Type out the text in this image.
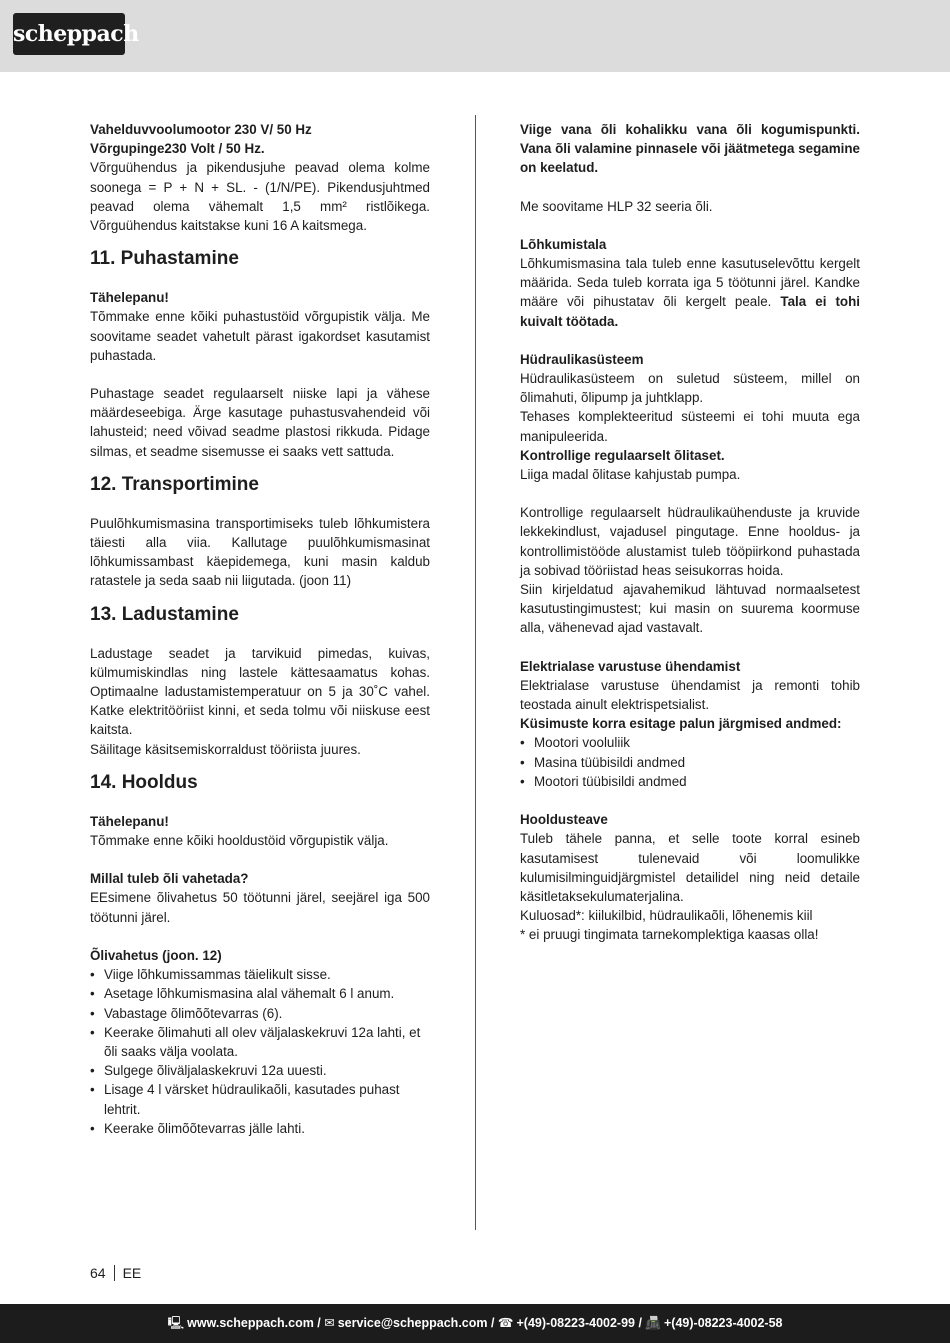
scheppach

Vahelduvvoolumootor 230 V/ 50 Hz

Võrgupinge230 Volt / 50 Hz.

Võrguühendus ja pikendusjuhe peavad olema kolme soonega = P + N + SL. - (1/N/PE). Pikendusjuhtmed peavad olema vähemalt 1,5 mm² ristlõikega. Võrguühendus kaitstakse kuni 16 A kaitsmega.

11. Puhastamine

Tähelepanu!

Tõmmake enne kõiki puhastustöid võrgupistik välja. Me soovitame seadet vahetult pärast igakordset kasutamist puhastada.

Puhastage seadet regulaarselt niiske lapi ja vähese määrdeseebiga. Ärge kasutage puhastusvahendeid või lahusteid; need võivad seadme plastosi rikkuda. Pidage silmas, et seadme sisemusse ei saaks vett sattuda.

12. Transportimine

Puulõhkumismasina transportimiseks tuleb lõhkumistera täiesti alla viia. Kallutage puulõhkumismasinat lõhkumissambast käepidemega, kuni masin kaldub ratastele ja seda saab nii liigutada. (joon 11)

13. Ladustamine

Ladustage seadet ja tarvikuid pimedas, kuivas, külmumiskindlas ning lastele kättesaamatus kohas. Optimaalne ladustamistemperatuur on 5 ja 30˚C vahel. Katke elektritööriist kinni, et seda tolmu või niiskuse eest kaitsta.

Säilitage käsitsemiskorraldust tööriista juures.

14. Hooldus

Tähelepanu!

Tõmmake enne kõiki hooldustöid võrgupistik välja.

Millal tuleb õli vahetada?

EEsimene õlivahetus 50 töötunni järel, seejärel iga 500 töötunni järel.

Õlivahetus (joon. 12)

• Viige lõhkumissammas täielikult sisse.
• Asetage lõhkumismasina alal vähemalt 6 l anum.
• Vabastage õlimõõtevarras (6).
• Keerake õlimahuti all olev väljalaskekruvi 12a lahti, et õli saaks välja voolata.
• Sulgege õliväljalaskekruvi 12a uuesti.
• Lisage 4 l värsket hüdraulikaõli, kasutades puhast lehtrit.
• Keerake õlimõõtevarras jälle lahti.

Viige vana õli kohalikku vana õli kogumispunkti. Vana õli valamine pinnasele või jäätmetega segamine on keelatud.

Me soovitame HLP 32 seeria õli.

Lõhkumistala

Lõhkumismasina tala tuleb enne kasutuselevõttu kergelt määrida. Seda tuleb korrata iga 5 töötunni järel. Kandke määre või pihustatav õli kergelt peale. Tala ei tohi kuivalt töötada.

Hüdraulikasüsteem

Hüdraulikasüsteem on suletud süsteem, millel on õlimahuti, õlipump ja juhtklapp.

Tehases komplekteeritud süsteemi ei tohi muuta ega manipuleerida.

Kontrollige regulaarselt õlitaset.

Liiga madal õlitase kahjustab pumpa.

Kontrollige regulaarselt hüdraulikaühenduste ja kruvide lekkekindlust, vajadusel pingutage. Enne hooldus- ja kontrollimistööde alustamist tuleb tööpiirkond puhastada ja sobivad tööriistad heas seisukorras hoida.

Siin kirjeldatud ajavahemikud lähtuvad normaalsetest kasutustingimustest; kui masin on suurema koormuse alla, vähenevad ajad vastavalt.

Elektrialase varustuse ühendamist

Elektrialase varustuse ühendamist ja remonti tohib teostada ainult elektrispetsialist.

Küsimuste korra esitage palun järgmised andmed:

• Mootori vooluliik
• Masina tüübisildi andmed
• Mootori tüübisildi andmed

Hooldusteave

Tuleb tähele panna, et selle toote korral esineb kasutamisest tulenevaid või loomulikke kulumisilminguidjärgmistel detailidel ning neid detaile käsitletaksekulumaterjalina.

Kuluosad*: kiilukilbid, hüdraulikaõli, lõhenemis kiil

* ei pruugi tingimata tarnekomplektiga kaasas olla!

64 EE
🖳 www.scheppach.com / ✉ service@scheppach.com / ☎ +(49)-08223-4002-99 / 📠 +(49)-08223-4002-58
